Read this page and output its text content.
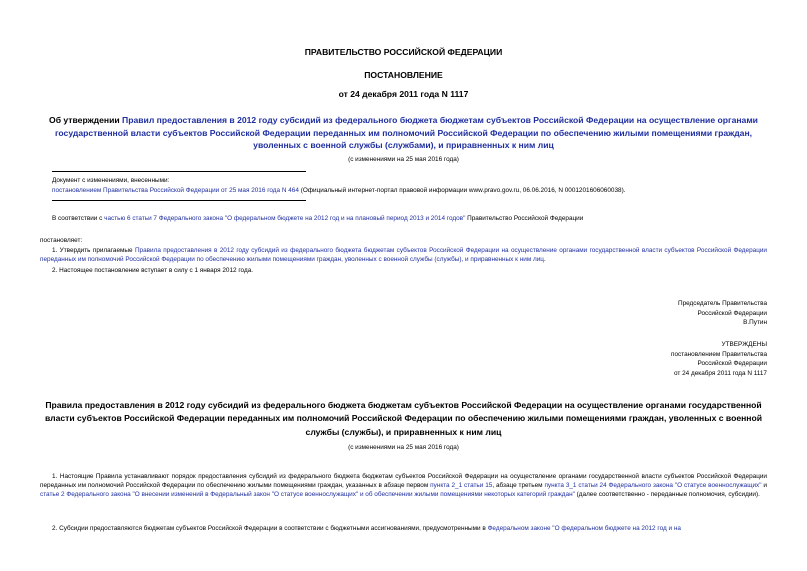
ПРАВИТЕЛЬСТВО РОССИЙСКОЙ ФЕДЕРАЦИИ
ПОСТАНОВЛЕНИЕ
от 24 декабря 2011 года N 1117
Об утверждении Правил предоставления в 2012 году субсидий из федерального бюджета бюджетам субъектов Российской Федерации на осуществление органами государственной власти субъектов Российской Федерации переданных им полномочий Российской Федерации по обеспечению жилыми помещениями граждан, уволенных с военной службы (службами), и приравненных к ним лиц
(с изменениями на 25 мая 2016 года)
Документ с изменениями, внесенными:
постановлением Правительства Российской Федерации от 25 мая 2016 года N 464 (Официальный интернет-портал правовой информации www.pravo.gov.ru, 06.06.2016, N 0001201606060038).
В соответствии с частью 6 статьи 7 Федерального закона "О федеральном бюджете на 2012 год и на плановый период 2013 и 2014 годов" Правительство Российской Федерации
постановляет:
1. Утвердить прилагаемые Правила предоставления в 2012 году субсидий из федерального бюджета бюджетам субъектов Российской Федерации на осуществление органами государственной власти субъектов Российской Федерации переданных им полномочий Российской Федерации по обеспечению жилыми помещениями граждан, уволенных с военной службы (службы), и приравненных к ним лиц.
2. Настоящее постановление вступает в силу с 1 января 2012 года.
Председатель Правительства
Российской Федерации
В.Путин
УТВЕРЖДЕНЫ
постановлением Правительства
Российской Федерации
от 24 декабря 2011 года N 1117
Правила предоставления в 2012 году субсидий из федерального бюджета бюджетам субъектов Российской Федерации на осуществление органами государственной власти субъектов Российской Федерации переданных им полномочий Российской Федерации по обеспечению жилыми помещениями граждан, уволенных с военной службы (службы), и приравненных к ним лиц
(с изменениями на 25 мая 2016 года)
1. Настоящие Правила устанавливают порядок предоставления субсидий из федерального бюджета бюджетам субъектов Российской Федерации на осуществление органами государственной власти субъектов Российской Федерации переданных им полномочий Российской Федерации по обеспечению жилыми помещениями граждан, указанных в абзаце первом пункта 2_1 статьи 15, абзаце третьем пункта 3_1 статьи 24 Федерального закона "О статусе военнослужащих" и статье 2 Федерального закона "О внесении изменений в Федеральный закон "О статусе военнослужащих" и об обеспечении жилыми помещениями некоторых категорий граждан" (далее соответственно - переданные полномочия, субсидии).
2. Субсидии предоставляются бюджетам субъектов Российской Федерации в соответствии с бюджетными ассигнованиями, предусмотренными в Федеральном законе "О федеральном бюджете на 2012 год и на
